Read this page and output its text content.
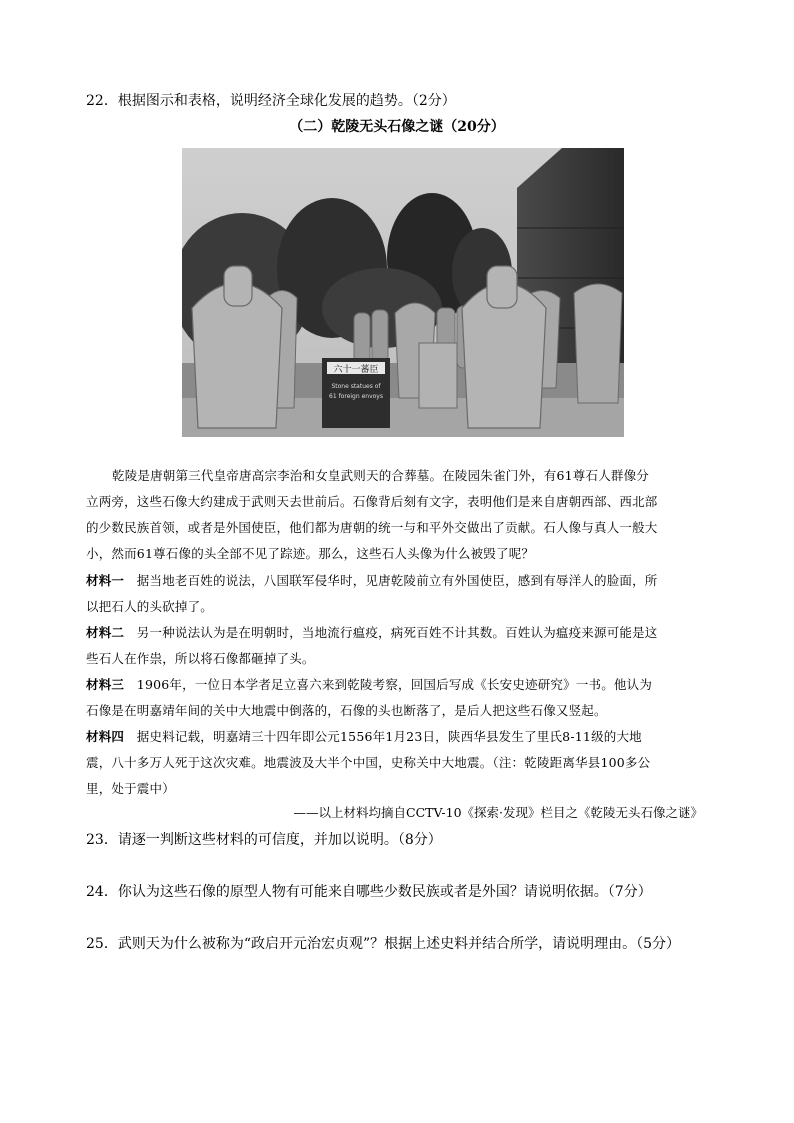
22．根据图示和表格，说明经济全球化发展的趋势。（2分）
（二）乾陵无头石像之谜（20分）
六十一蕃臣
Stone statues of
61 foreign envoys
乾陵是唐朝第三代皇帝唐高宗李治和女皇武则天的合葬墓。在陵园朱雀门外，有61尊石人群像分
立两旁，这些石像大约建成于武则天去世前后。石像背后刻有文字，表明他们是来自唐朝西部、西北部
的少数民族首领，或者是外国使臣，他们都为唐朝的统一与和平外交做出了贡献。石人像与真人一般大
小，然而61尊石像的头全部不见了踪迹。那么，这些石人头像为什么被毁了呢？
材料一　据当地老百姓的说法，八国联军侵华时，见唐乾陵前立有外国使臣，感到有辱洋人的脸面，所
以把石人的头砍掉了。
材料二　另一种说法认为是在明朝时，当地流行瘟疫，病死百姓不计其数。百姓认为瘟疫来源可能是这
些石人在作祟，所以将石像都砸掉了头。
材料三　1906年，一位日本学者足立喜六来到乾陵考察，回国后写成《长安史迹研究》一书。他认为
石像是在明嘉靖年间的关中大地震中倒落的，石像的头也断落了，是后人把这些石像又竖起。
材料四　据史料记载，明嘉靖三十四年即公元1556年1月23日，陕西华县发生了里氏8-11级的大地
震，八十多万人死于这次灾难。地震波及大半个中国，史称关中大地震。（注：乾陵距离华县100多公
里，处于震中）
——以上材料均摘自CCTV-10《探索·发现》栏目之《乾陵无头石像之谜》
23．请逐一判断这些材料的可信度，并加以说明。（8分）
24．你认为这些石像的原型人物有可能来自哪些少数民族或者是外国？请说明依据。（7分）
25．武则天为什么被称为“政启开元治宏贞观”？根据上述史料并结合所学，请说明理由。（5分）
